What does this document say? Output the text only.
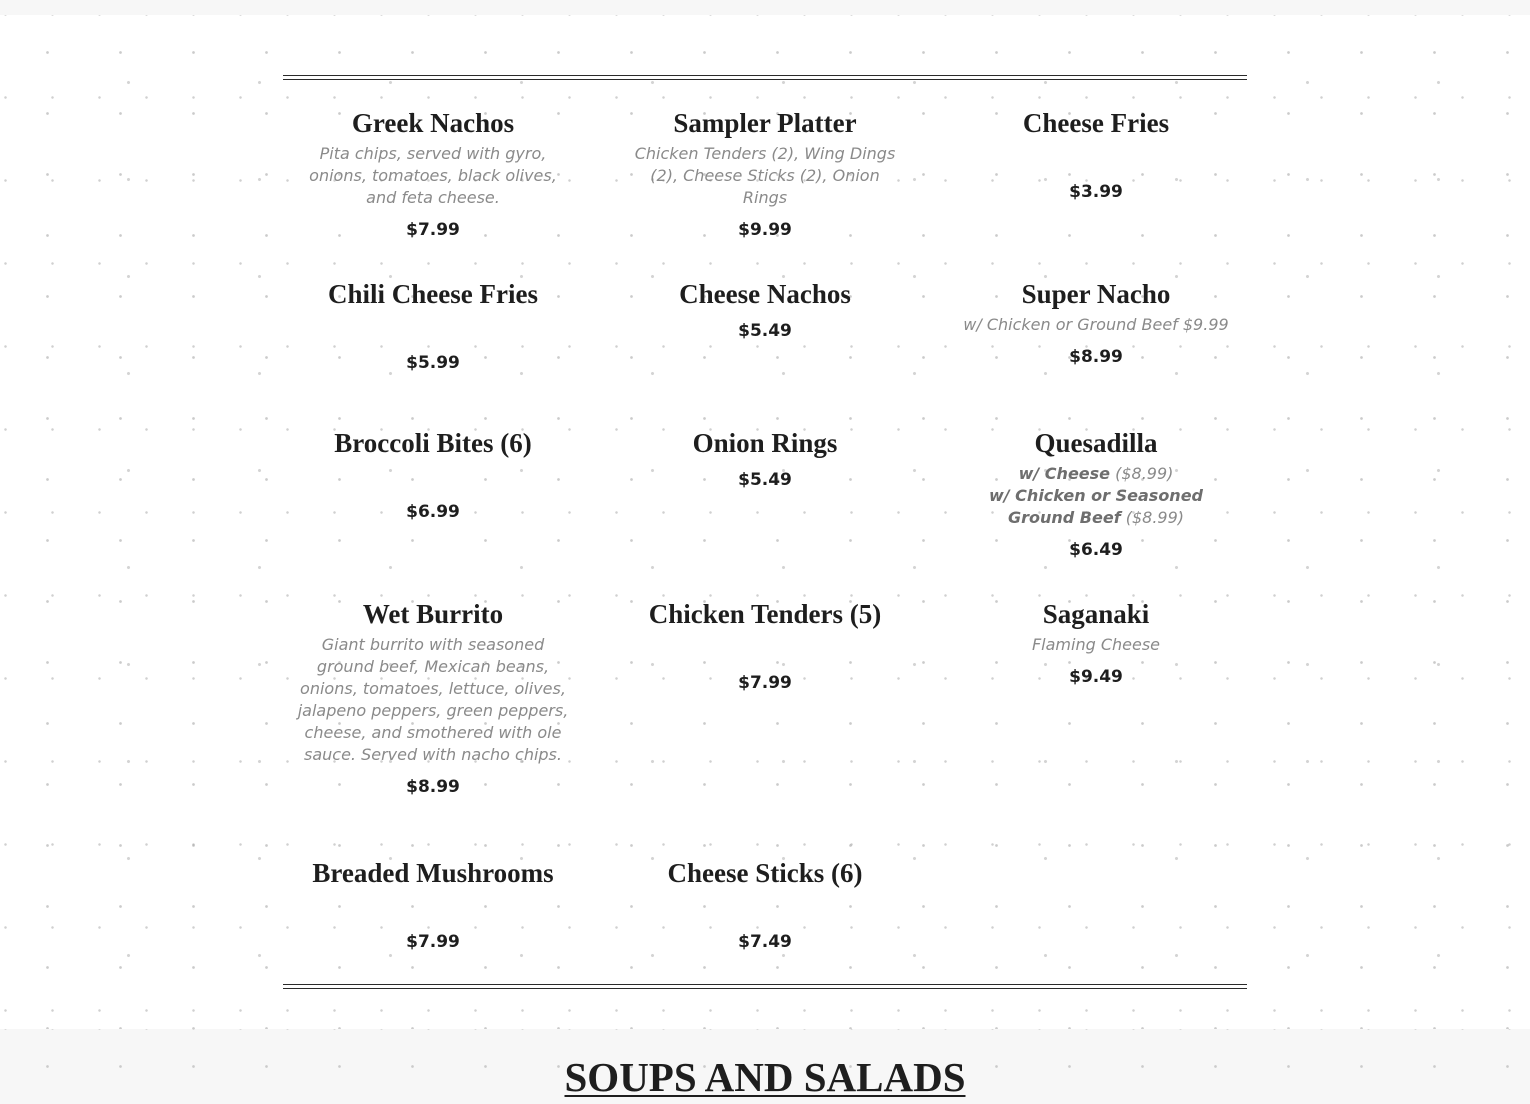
Greek Nachos
Pita chips, served with gyro, onions, tomatoes, black olives, and feta cheese.
$7.99
Sampler Platter
Chicken Tenders (2), Wing Dings (2), Cheese Sticks (2), Onion Rings
$9.99
Cheese Fries
$3.99
Chili Cheese Fries
$5.99
Cheese Nachos
$5.49
Super Nacho
w/ Chicken or Ground Beef $9.99
$8.99
Broccoli Bites (6)
$6.99
Onion Rings
$5.49
Quesadilla
w/ Cheese ($8.99)
w/ Chicken or Seasoned Ground Beef ($8.99)
$6.49
Wet Burrito
Giant burrito with seasoned ground beef, Mexican beans, onions, tomatoes, lettuce, olives, jalapeno peppers, green peppers, cheese, and smothered with ole sauce. Served with nacho chips.
$8.99
Chicken Tenders (5)
$7.99
Saganaki
Flaming Cheese
$9.49
Breaded Mushrooms
$7.99
Cheese Sticks (6)
$7.49
SOUPS AND SALADS
